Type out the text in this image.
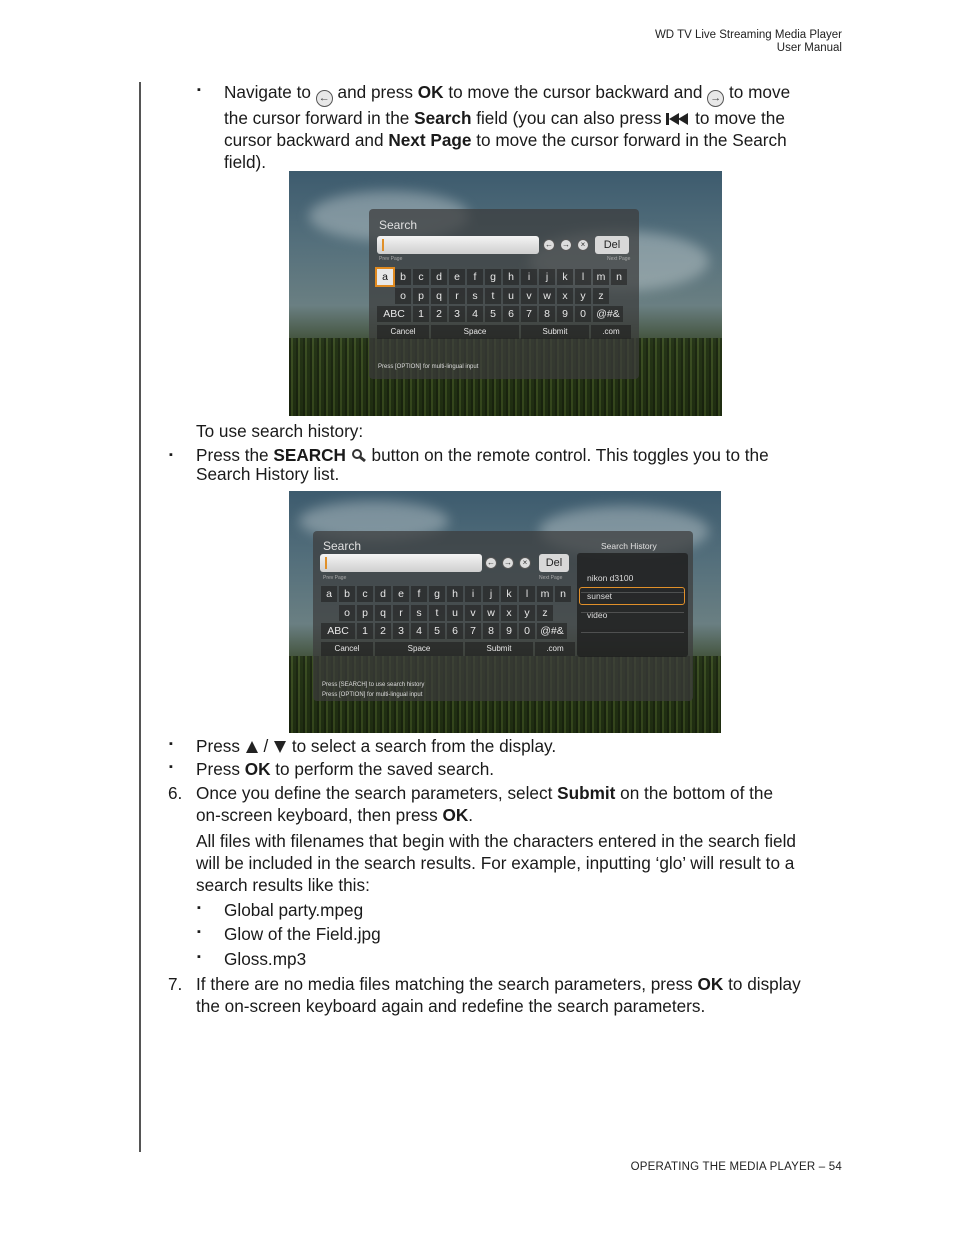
WD TV Live Streaming Media Player
User Manual
OPERATING THE MEDIA PLAYER – 54
▪ Navigate to ← and press OK to move the cursor backward and → to move
the cursor forward in the Search field (you can also press  to move the
cursor backward and Next Page to move the cursor forward in the Search
field).
Search
← →	×	Del
Prev Page	Next Page
a	b	c	d	e	f	g	h	i	j	k	l	m	n
o	p	q	r	s	t	u	v	w	x	y	z
ABC	1	2	3	4	5	6	7	8	9	0 @#&
Cancel	Space	Submit	.com
Press [OPTION] for multi-lingual input
To use search history:
▪ Press the SEARCH  button on the remote control. This toggles you to the
Search History list.
Search	Search History
← →	×	Del
Prev Page	Next Page
a	b	c	d	e	f	g	h	i	j	k	l	m	n
o	p	q	r	s	t	u	v	w	x	y	z
ABC	1	2	3	4	5	6	7	8	9	0 @#&
Cancel	Space	Submit	.com
nikon d3100
sunset
video
Press [SEARCH] to use search history
Press [OPTION] for multi-lingual input
▪ Press  /  to select a search from the display.
▪ Press OK to perform the saved search.
6. Once you define the search parameters, select Submit on the bottom of the
on-screen keyboard, then press OK.
All files with filenames that begin with the characters entered in the search field
will be included in the search results. For example, inputting ‘glo’ will result to a
search results like this:
▪ Global party.mpeg
▪ Glow of the Field.jpg
▪ Gloss.mp3
7. If there are no media files matching the search parameters, press OK to display
the on-screen keyboard again and redefine the search parameters.
